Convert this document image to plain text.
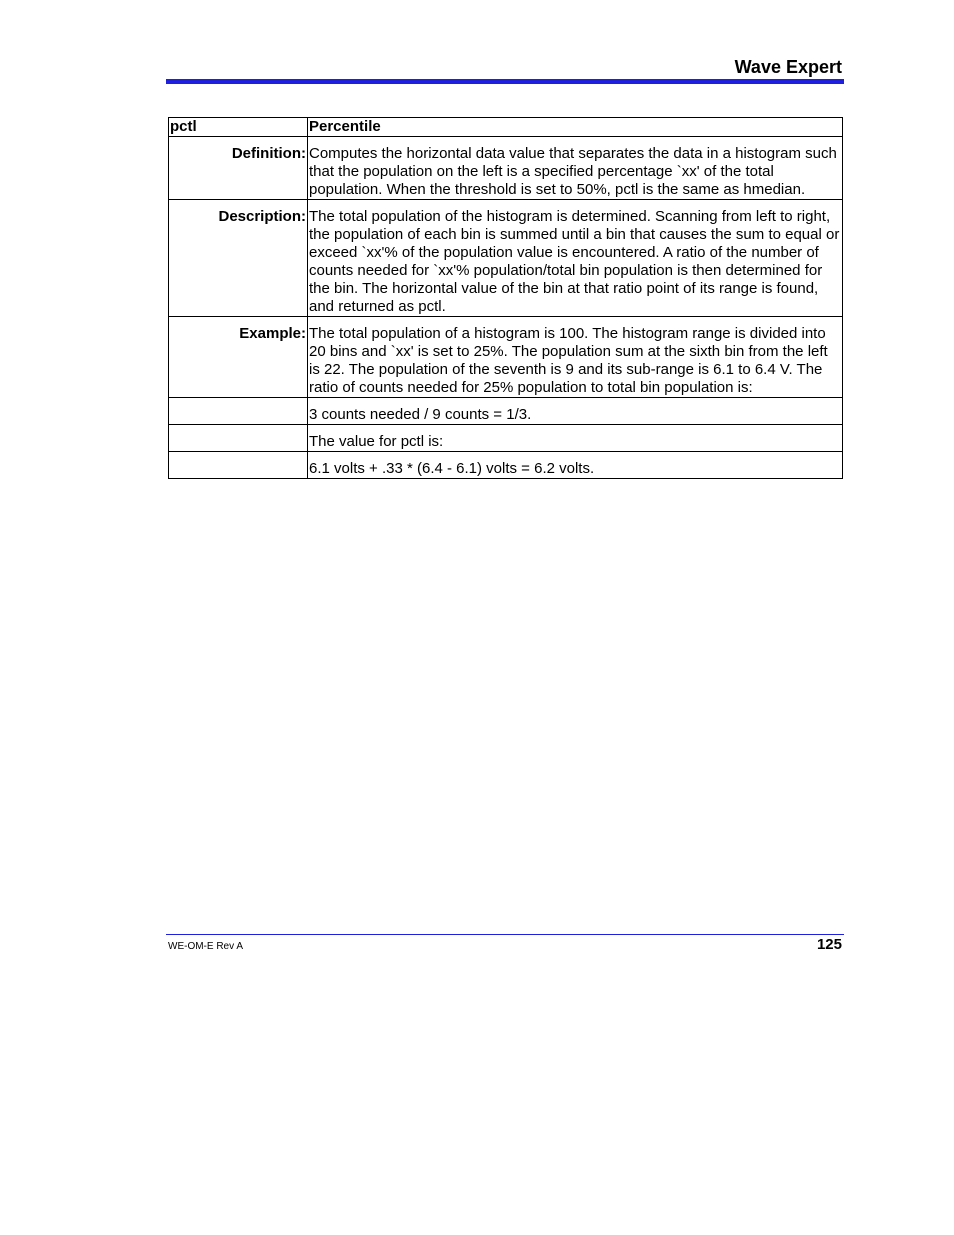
Wave Expert
pctl	Percentile
Definition:	Computes the horizontal data value that separates the data in a histogram such that the population on the left is a specified percentage `xx' of the total population. When the threshold is set to 50%, pctl is the same as hmedian.
Description:	The total population of the histogram is determined. Scanning from left to right, the population of each bin is summed until a bin that causes the sum to equal or exceed `xx'% of the population value is encountered. A ratio of the number of counts needed for `xx'% population/total bin population is then determined for the bin. The horizontal value of the bin at that ratio point of its range is found, and returned as pctl.
Example:	The total population of a histogram is 100. The histogram range is divided into 20 bins and `xx' is set to 25%. The population sum at the sixth bin from the left is 22. The population of the seventh is 9 and its sub-range is 6.1 to 6.4 V. The ratio of counts needed for 25% population to total bin population is:
	3 counts needed / 9 counts = 1/3.
	The value for pctl is:
	6.1 volts + .33 * (6.4 - 6.1) volts = 6.2 volts.
WE-OM-E Rev A	125
